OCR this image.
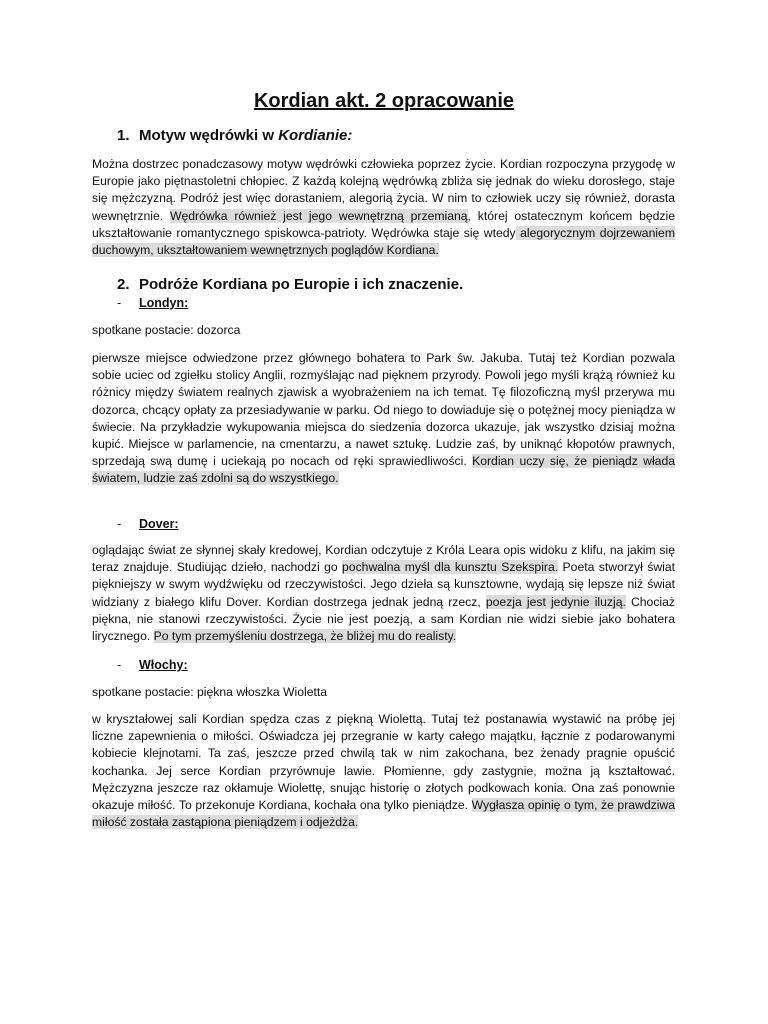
Kordian akt. 2 opracowanie
1. Motyw wędrówki w Kordianie:

Można dostrzec ponadczasowy motyw wędrówki człowieka poprzez życie. Kordian rozpoczyna przygodę w Europie jako piętnastoletni chłopiec. Z każdą kolejną wędrówką zbliża się jednak do wieku dorosłego, staje się mężczyzną. Podróż jest więc dorastaniem, alegorią życia. W nim to człowiek uczy się również, dorasta wewnętrznie. Wędrówka również jest jego wewnętrzną przemianą, której ostatecznym końcem będzie ukształtowanie romantycznego spiskowca-patrioty. Wędrówka staje się wtedy alegorycznym dojrzewaniem duchowym, ukształtowaniem wewnętrznych poglądów Kordiana.

2. Podróże Kordiana po Europie i ich znaczenie.
- Londyn:

spotkane postacie: dozorca

pierwsze miejsce odwiedzone przez głównego bohatera to Park św. Jakuba. Tutaj też Kordian pozwala sobie uciec od zgiełku stolicy Anglii, rozmyślając nad pięknem przyrody. Powoli jego myśli krążą również ku różnicy między światem realnych zjawisk a wyobrażeniem na ich temat. Tę filozoficzną myśl przerywa mu dozorca, chcący opłaty za przesiadywanie w parku. Od niego to dowiaduje się o potężnej mocy pieniądza w świecie. Na przykładzie wykupowania miejsca do siedzenia dozorca ukazuje, jak wszystko dzisiaj można kupić. Miejsce w parlamencie, na cmentarzu, a nawet sztukę. Ludzie zaś, by uniknąć kłopotów prawnych, sprzedają swą dumę i uciekają po nocach od ręki sprawiedliwości. Kordian uczy się, że pieniądz włada światem, ludzie zaś zdolni są do wszystkiego.

- Dover:

oglądając świat ze słynnej skały kredowej, Kordian odczytuje z Króla Leara opis widoku z klifu, na jakim się teraz znajduje. Studiując dzieło, nachodzi go pochwalna myśl dla kunsztu Szekspira. Poeta stworzył świat piękniejszy w swym wydźwięku od rzeczywistości. Jego dzieła są kunsztowne, wydają się lepsze niż świat widziany z białego klifu Dover. Kordian dostrzega jednak jedną rzecz, poezja jest jedynie iluzją. Chociaż piękna, nie stanowi rzeczywistości. Życie nie jest poezją, a sam Kordian nie widzi siebie jako bohatera lirycznego. Po tym przemyśleniu dostrzega, że bliżej mu do realisty.

- Włochy:

spotkane postacie: piękna włoszka Wioletta

w kryształowej sali Kordian spędza czas z piękną Wiolettą. Tutaj też postanawia wystawić na próbę jej liczne zapewnienia o miłości. Oświadcza jej przegranie w karty całego majątku, łącznie z podarowanymi kobiecie klejnotami. Ta zaś, jeszcze przed chwilą tak w nim zakochana, bez żenady pragnie opuścić kochanka. Jej serce Kordian przyrównuje lawie. Płomienne, gdy zastygnie, można ją kształtować. Mężczyzna jeszcze raz okłamuje Wiolettę, snując historię o złotych podkowach konia. Ona zaś ponownie okazuje miłość. To przekonuje Kordiana, kochała ona tylko pieniądze. Wygłasza opinię o tym, że prawdziwa miłość została zastąpiona pieniądzem i odjeżdża.
